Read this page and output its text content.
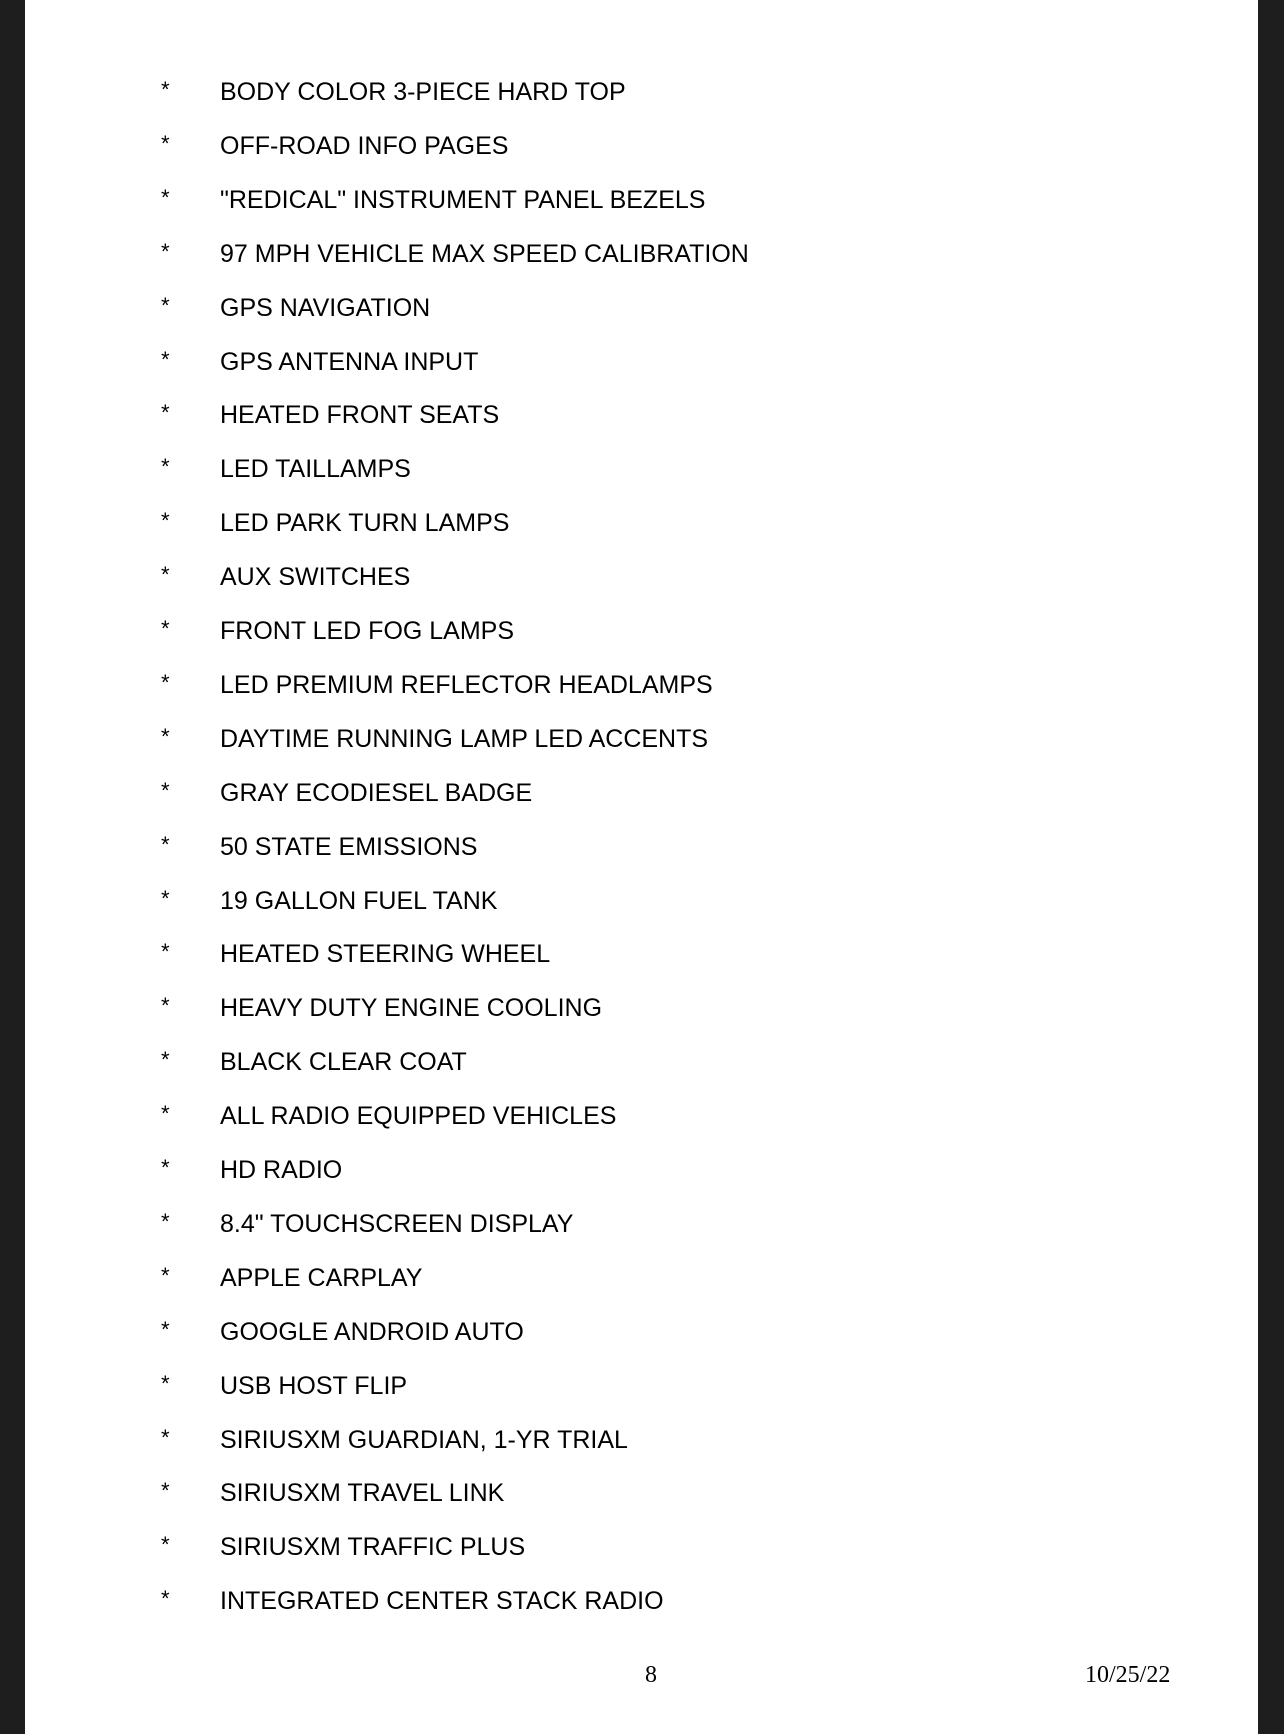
* BODY COLOR 3-PIECE HARD TOP
* OFF-ROAD INFO PAGES
* "REDICAL" INSTRUMENT PANEL BEZELS
* 97 MPH VEHICLE MAX SPEED CALIBRATION
* GPS NAVIGATION
* GPS ANTENNA INPUT
* HEATED FRONT SEATS
* LED TAILLAMPS
* LED PARK TURN LAMPS
* AUX SWITCHES
* FRONT LED FOG LAMPS
* LED PREMIUM REFLECTOR HEADLAMPS
* DAYTIME RUNNING LAMP LED ACCENTS
* GRAY ECODIESEL BADGE
* 50 STATE EMISSIONS
* 19 GALLON FUEL TANK
* HEATED STEERING WHEEL
* HEAVY DUTY ENGINE COOLING
* BLACK CLEAR COAT
* ALL RADIO EQUIPPED VEHICLES
* HD RADIO
* 8.4" TOUCHSCREEN DISPLAY
* APPLE CARPLAY
* GOOGLE ANDROID AUTO
* USB HOST FLIP
* SIRIUSXM GUARDIAN, 1-YR TRIAL
* SIRIUSXM TRAVEL LINK
* SIRIUSXM TRAFFIC PLUS
* INTEGRATED CENTER STACK RADIO
8	10/25/22
